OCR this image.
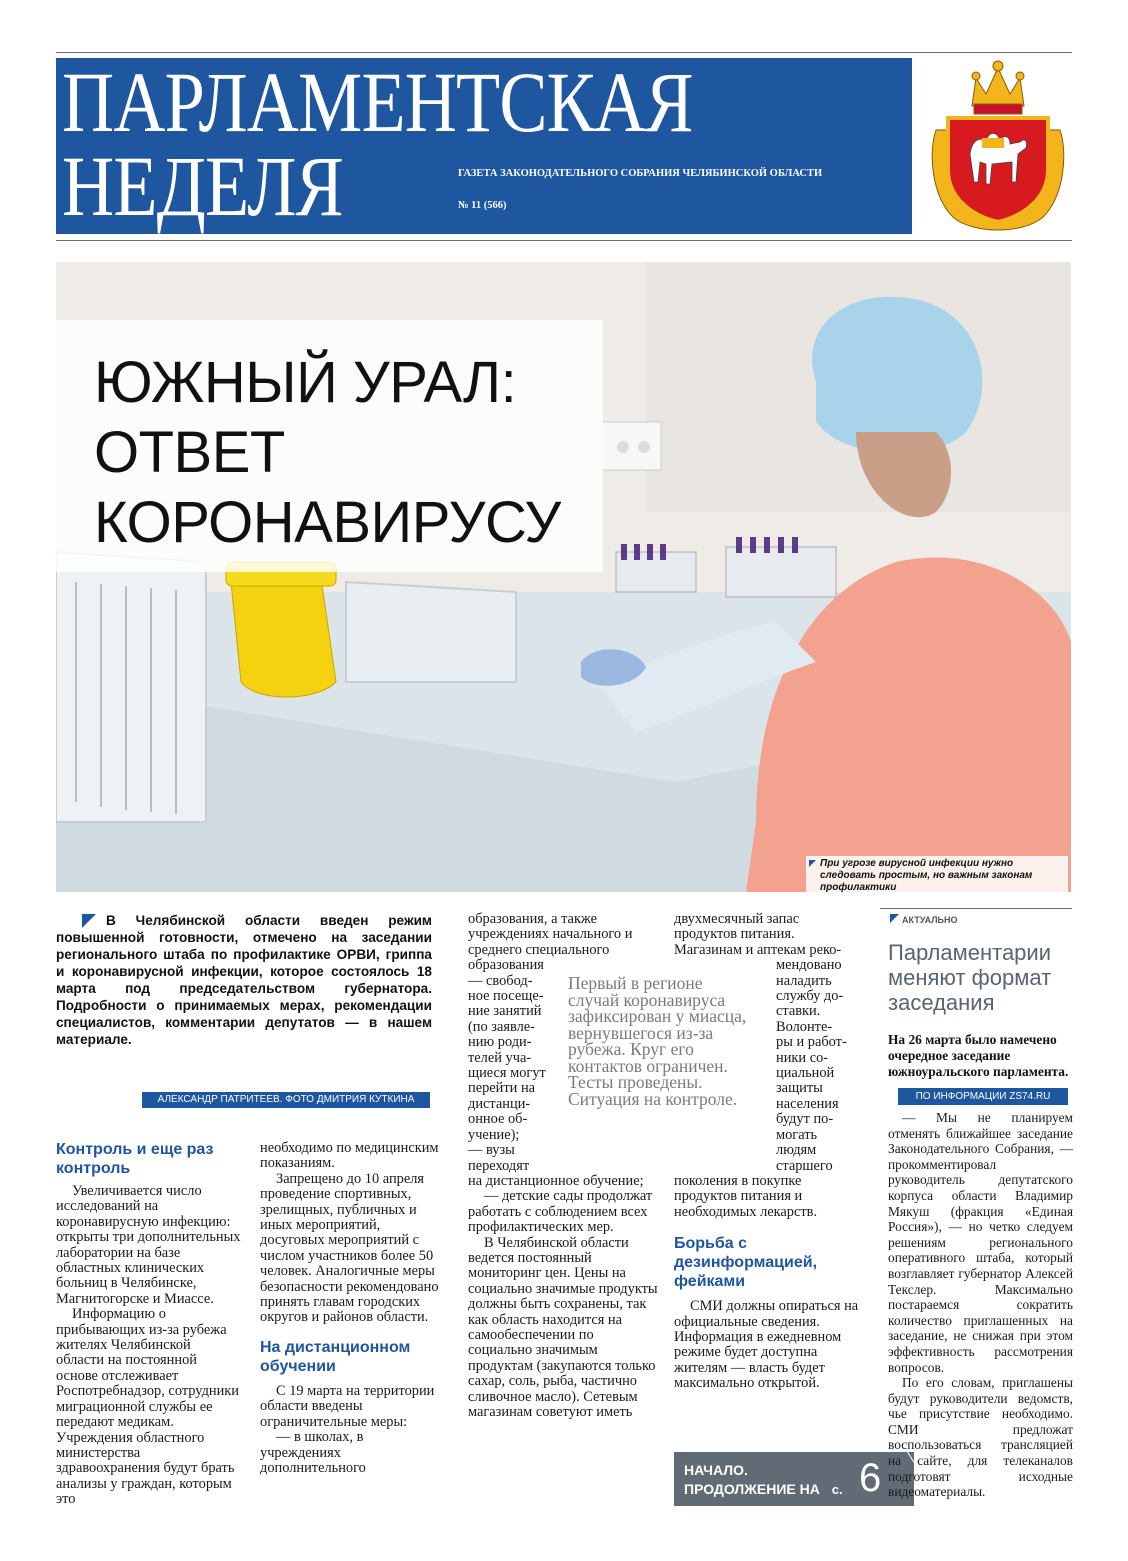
ПАРЛАМЕНТСКАЯ
НЕДЕЛЯ	ГАЗЕТА ЗАКОНОДАТЕЛЬНОГО СОБРАНИЯ ЧЕЛЯБИНСКОЙ ОБЛАСТИ
№ 11 (566)
ЮЖНЫЙ УРАЛ: ОТВЕТ КОРОНАВИРУСУ
При угрозе вирусной инфекции нужно следовать простым, но важным законам профилактики
В Челябинской области введен режим повышенной готовности, отмечено на заседании регионального штаба по профилактике ОРВИ, гриппа и коронавирусной инфекции, которое состоялось 18 марта под председательством губернатора. Подробности о принимаемых мерах, рекомендации специалистов, комментарии депутатов — в нашем материале.
АЛЕКСАНДР ПАТРИТЕЕВ. ФОТО ДМИТРИЯ КУТКИНА
Контроль и еще раз контроль

Увеличивается число исследований на коронавирусную инфекцию: открыты три дополнительных лаборатории на базе областных клинических больниц в Челябинске, Магнитогорске и Миассе.

Информацию о прибывающих из-за рубежа жителях Челябинской области на постоянной основе отслеживает Роспотребнадзор, сотрудники миграционной службы ее передают медикам. Учреждения областного министерства здравоохранения будут брать анализы у граждан, которым это

необходимо по медицинским показаниям.

Запрещено до 10 апреля проведение спортивных, зрелищных, публичных и иных мероприятий, досуговых мероприятий с числом участников более 50 человек. Аналогичные меры безопасности рекомендовано принять главам городских округов и районов области.

На дистанционном обучении

С 19 марта на территории области введены ограничительные меры:

— в школах, в учреждениях дополнительного

образования, а также учреждениях начального и среднего специального образования

— свобод-
ное посеще-
ние занятий
(по заявле-
нию роди-
телей уча-
щиеся могут
перейти на
дистанци-
онное об-
учение);
— вузы
переходят

на дистанционное обучение;

— детские сады продолжат работать с соблюдением всех профилактических мер.

В Челябинской области ведется постоянный мониторинг цен. Цены на социально значимые продукты должны быть сохранены, так как область находится на самообеспечении по социально значимым продуктам (закупаются только сахар, соль, рыба, частично сливочное масло). Сетевым магазинам советуют иметь

Первый в регионе случай коронавируса зафиксирован у миасца, вернувшегося из-за рубежа. Круг его контактов ограничен. Тесты проведены. Ситуация на контроле.

двухмесячный запас продуктов питания. Магазинам и аптекам реко-

мендовано
наладить
службу до-
ставки.
Волонте-
ры и работ-
ники со-
циальной
защиты
населения
будут по-
могать
людям
старшего

поколения в покупке продуктов питания и необходимых лекарств.

Борьба с дезинформацией, фейками

СМИ должны опираться на официальные сведения. Информация в ежедневном режиме будет доступна жителям — власть будет максимально открытой.

НАЧАЛО.
ПРОДОЛЖЕНИЕ НА с. 6
АКТУАЛЬНО
Парламентарии меняют формат заседания
На 26 марта было намечено очередное заседание южноуральского парламента.
ПО ИНФОРМАЦИИ ZS74.RU

— Мы не планируем отменять ближайшее заседание Законодательного Собрания, — прокомментировал руководитель депутатского корпуса области Владимир Мякуш (фракция «Единая Россия»), — но четко следуем решениям регионального оперативного штаба, который возглавляет губернатор Алексей Текслер. Максимально постараемся сократить количество приглашенных на заседание, не снижая при этом эффективность рассмотрения вопросов.

По его словам, приглашены будут руководители ведомств, чье присутствие необходимо. СМИ предложат воспользоваться трансляцией на сайте, для телеканалов подготовят исходные видеоматериалы.
